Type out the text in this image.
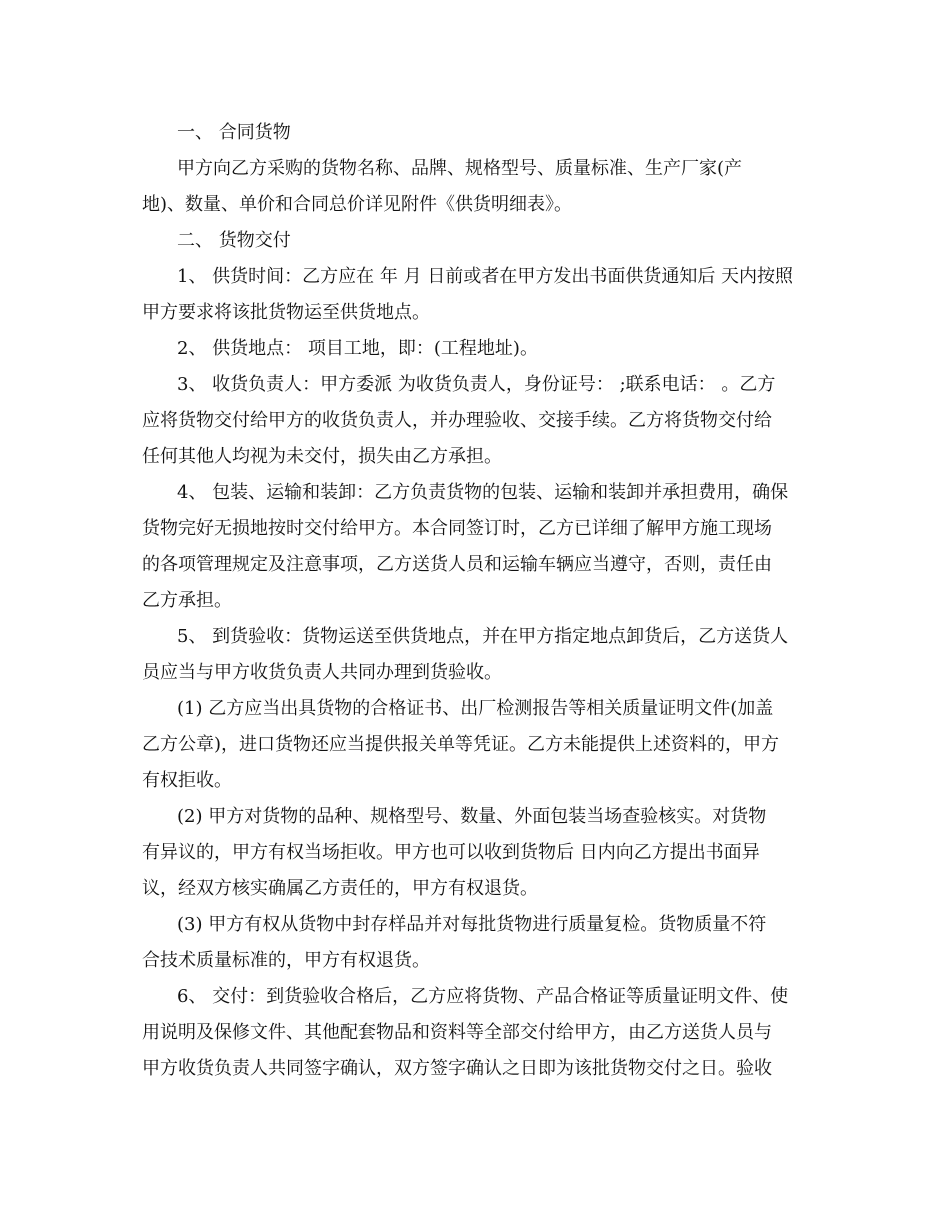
一、 合同货物

甲方向乙方采购的货物名称、品牌、规格型号、质量标准、生产厂家(产

地)、数量、单价和合同总价详见附件《供货明细表》。

二、 货物交付

1、 供货时间：乙方应在 年 月 日前或者在甲方发出书面供货通知后 天内按照

甲方要求将该批货物运至供货地点。

2、 供货地点： 项目工地，即：(工程地址)。

3、 收货负责人：甲方委派 为收货负责人，身份证号： ;联系电话： 。乙方

应将货物交付给甲方的收货负责人，并办理验收、交接手续。乙方将货物交付给

任何其他人均视为未交付，损失由乙方承担。

4、 包装、运输和装卸：乙方负责货物的包装、运输和装卸并承担费用，确保

货物完好无损地按时交付给甲方。本合同签订时，乙方已详细了解甲方施工现场

的各项管理规定及注意事项，乙方送货人员和运输车辆应当遵守，否则，责任由

乙方承担。

5、 到货验收：货物运送至供货地点，并在甲方指定地点卸货后，乙方送货人

员应当与甲方收货负责人共同办理到货验收。

(1) 乙方应当出具货物的合格证书、出厂检测报告等相关质量证明文件(加盖

乙方公章)，进口货物还应当提供报关单等凭证。乙方未能提供上述资料的，甲方

有权拒收。

(2) 甲方对货物的品种、规格型号、数量、外面包装当场查验核实。对货物

有异议的，甲方有权当场拒收。甲方也可以收到货物后 日内向乙方提出书面异

议，经双方核实确属乙方责任的，甲方有权退货。

(3) 甲方有权从货物中封存样品并对每批货物进行质量复检。货物质量不符

合技术质量标准的，甲方有权退货。

6、 交付：到货验收合格后，乙方应将货物、产品合格证等质量证明文件、使

用说明及保修文件、其他配套物品和资料等全部交付给甲方，由乙方送货人员与

甲方收货负责人共同签字确认，双方签字确认之日即为该批货物交付之日。验收
